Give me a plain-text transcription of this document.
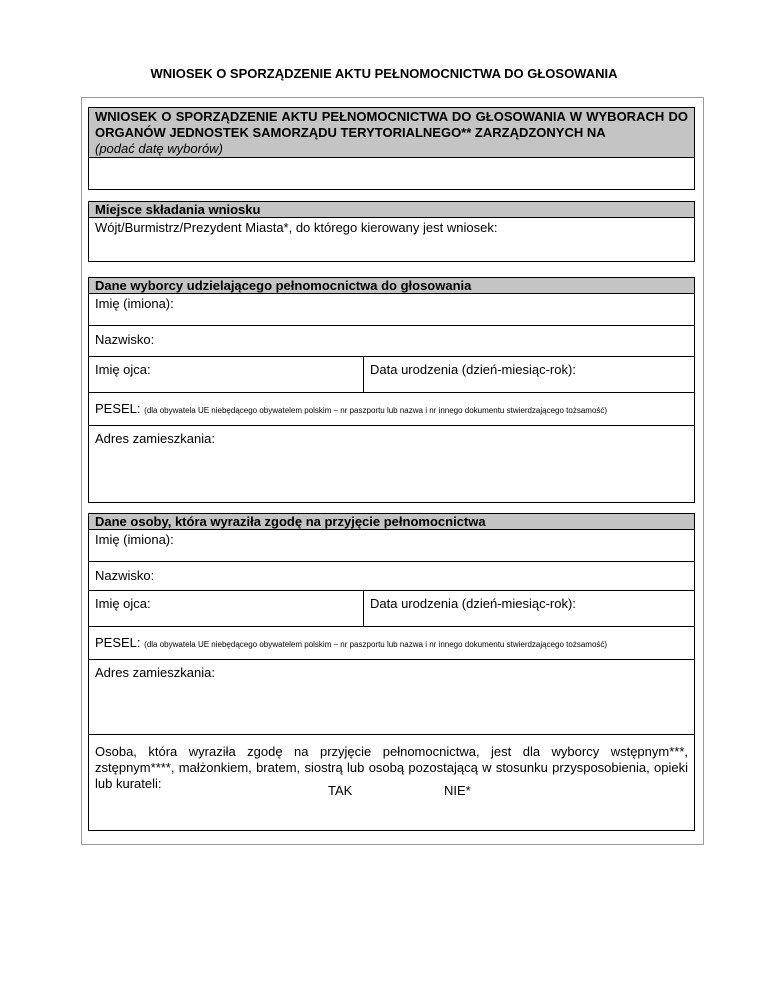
WNIOSEK O SPORZĄDZENIE AKTU PEŁNOMOCNICTWA DO GŁOSOWANIA
WNIOSEK O SPORZĄDZENIE AKTU PEŁNOMOCNICTWA DO GŁOSOWANIA W WYBORACH DO
ORGANÓW JEDNOSTEK SAMORZĄDU TERYTORIALNEGO** ZARZĄDZONYCH NA
(podać datę wyborów)
Miejsce składania wniosku
Wójt/Burmistrz/Prezydent Miasta*, do którego kierowany jest wniosek:
Dane wyborcy udzielającego pełnomocnictwa do głosowania
Imię (imiona):
Nazwisko:
Imię ojca:	Data urodzenia (dzień-miesiąc-rok):
PESEL: (dla obywatela UE niebędącego obywatelem polskim – nr paszportu lub nazwa i nr innego dokumentu stwierdzającego tożsamość)
Adres zamieszkania:
Dane osoby, która wyraziła zgodę na przyjęcie pełnomocnictwa
Imię (imiona):
Nazwisko:
Imię ojca:	Data urodzenia (dzień-miesiąc-rok):
PESEL: (dla obywatela UE niebędącego obywatelem polskim – nr paszportu lub nazwa i nr innego dokumentu stwierdzającego tożsamość)
Adres zamieszkania:
Osoba, która wyraziła zgodę na przyjęcie pełnomocnictwa, jest dla wyborcy wstępnym***, zstępnym****, małżonkiem, bratem, siostrą lub osobą pozostającą w stosunku przysposobienia, opieki lub kurateli:	TAK	NIE*
